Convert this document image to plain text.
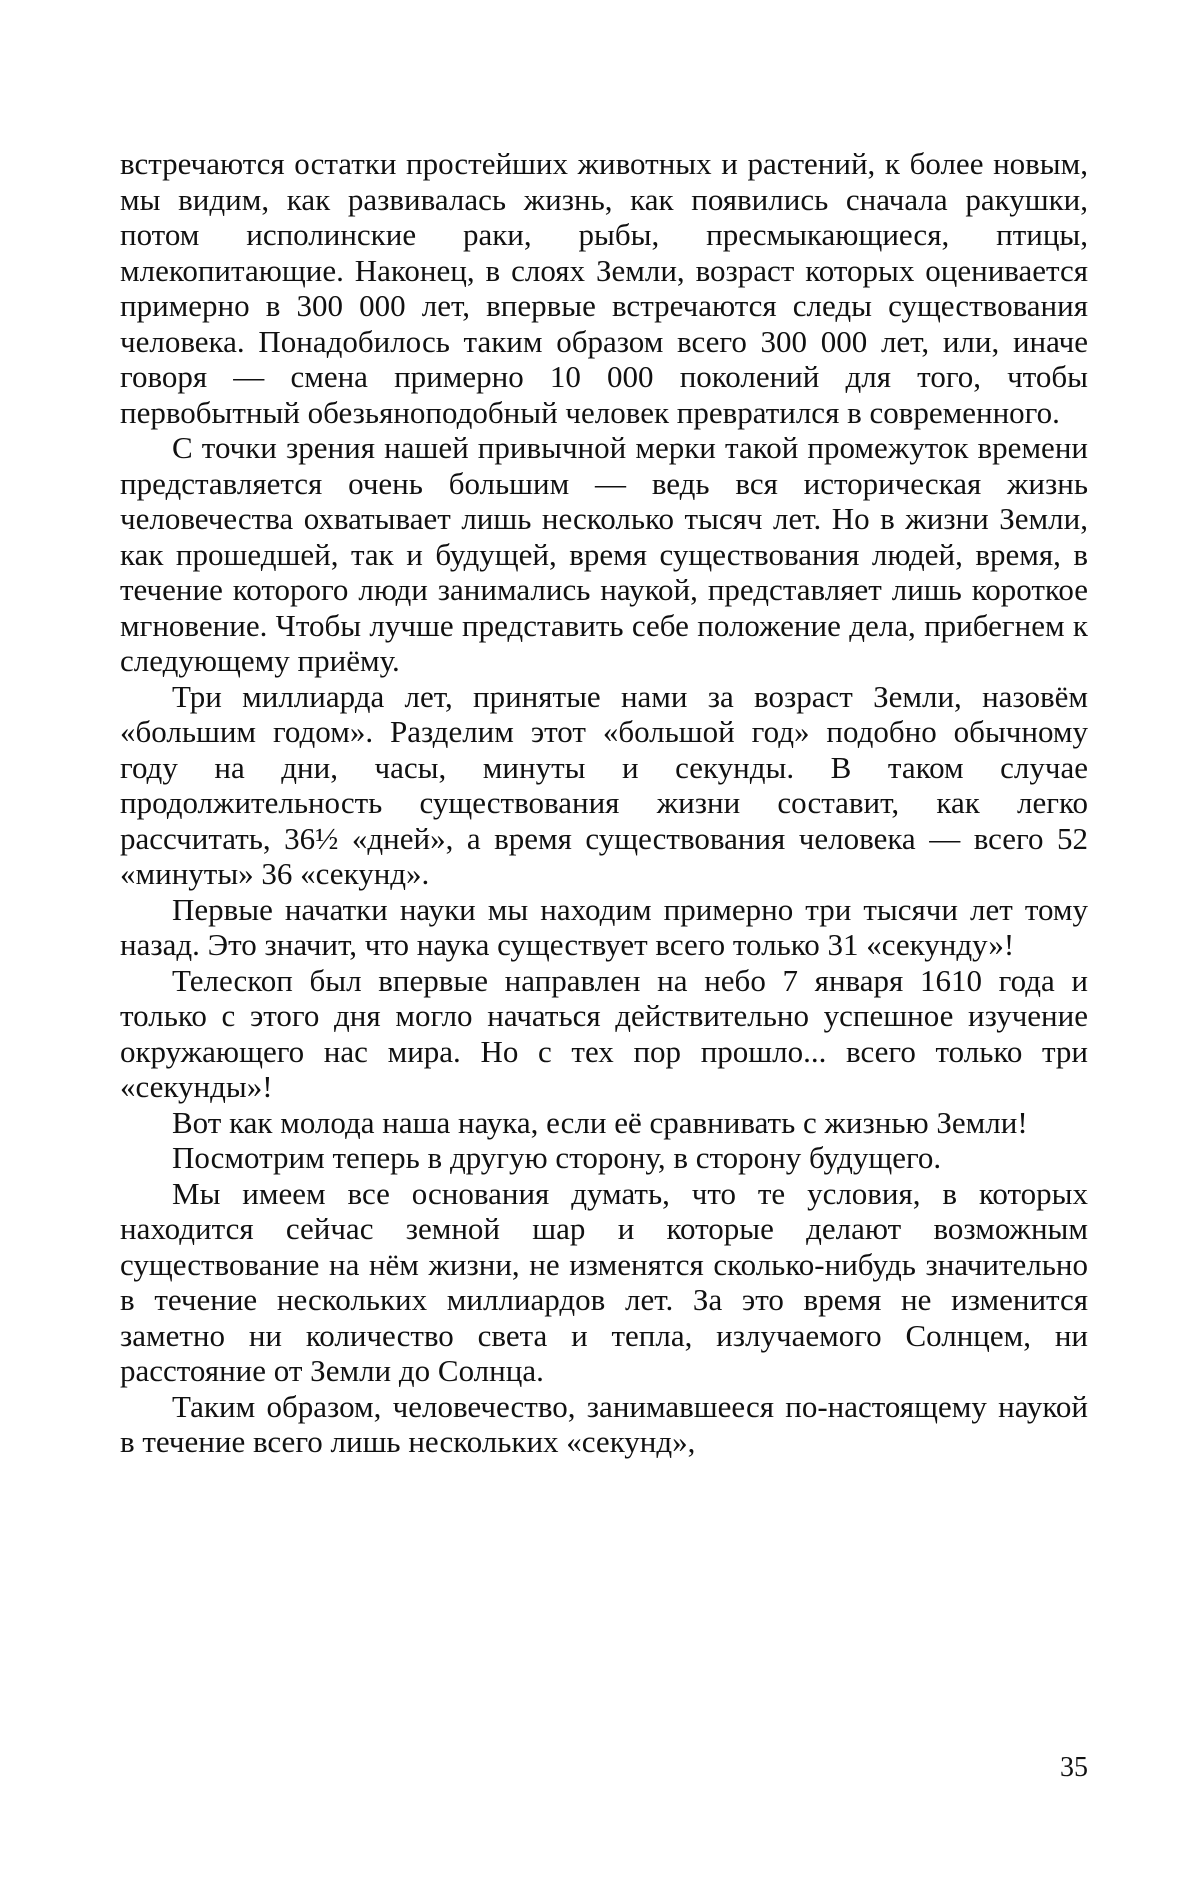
встречаются остатки простейших животных и растений, к более новым, мы видим, как развивалась жизнь, как появились сначала ракушки, потом исполинские раки, рыбы, пресмыкающиеся, птицы, млекопитающие. Наконец, в слоях Земли, возраст которых оценивается примерно в 300 000 лет, впервые встречаются следы существования человека. Понадобилось таким образом всего 300 000 лет, или, иначе говоря — смена примерно 10 000 поколений для того, чтобы первобытный обезьяноподобный человек превратился в современного.

С точки зрения нашей привычной мерки такой промежуток времени представляется очень большим — ведь вся историческая жизнь человечества охватывает лишь несколько тысяч лет. Но в жизни Земли, как прошедшей, так и будущей, время существования людей, время, в течение которого люди занимались наукой, представляет лишь короткое мгновение. Чтобы лучше представить себе положение дела, прибегнем к следующему приёму.

Три миллиарда лет, принятые нами за возраст Земли, назовём «большим годом». Разделим этот «большой год» подобно обычному году на дни, часы, минуты и секунды. В таком случае продолжительность существования жизни составит, как легко рассчитать, 36½ «дней», а время существования человека — всего 52 «минуты» 36 «секунд».

Первые начатки науки мы находим примерно три тысячи лет тому назад. Это значит, что наука существует всего только 31 «секунду»!

Телескоп был впервые направлен на небо 7 января 1610 года и только с этого дня могло начаться действительно успешное изучение окружающего нас мира. Но с тех пор прошло... всего только три «секунды»!

Вот как молода наша наука, если её сравнивать с жизнью Земли!

Посмотрим теперь в другую сторону, в сторону будущего.

Мы имеем все основания думать, что те условия, в которых находится сейчас земной шар и которые делают возможным существование на нём жизни, не изменятся сколько-нибудь значительно в течение нескольких миллиардов лет. За это время не изменится заметно ни количество света и тепла, излучаемого Солнцем, ни расстояние от Земли до Солнца.

Таким образом, человечество, занимавшееся по-настоящему наукой в течение всего лишь нескольких «секунд»,

35
